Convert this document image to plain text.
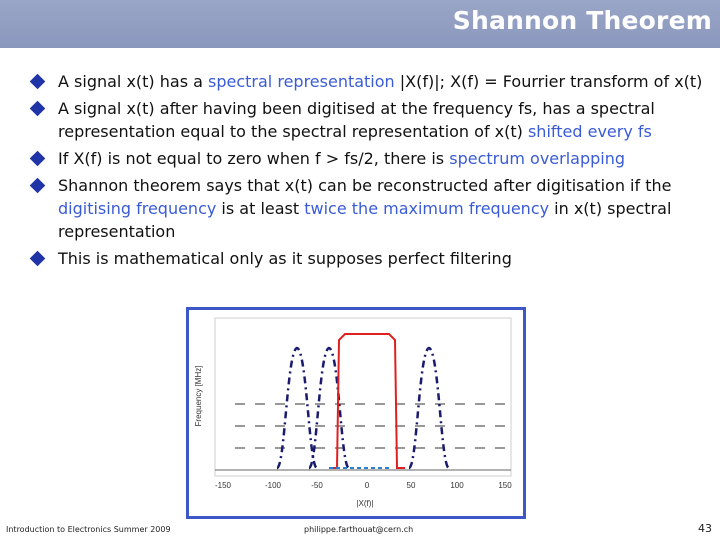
Shannon Theorem
A signal x(t) has a spectral representation |X(f)|; X(f) = Fourrier transform of x(t)
A signal x(t) after having been digitised at the frequency fs, has a spectral representation equal to the spectral representation of x(t) shifted every fs
If X(f) is not equal to zero when f > fs/2, there is spectrum overlapping
Shannon theorem says that x(t) can be reconstructed after digitisation if the digitising frequency is at least twice the maximum frequency in x(t) spectral representation
This is mathematical only as it supposes perfect filtering
Frequency [MHz]
-150	-100	-50	0	50	100	150
|X(f)|
Introduction to Electronics Summer 2009	philippe.farthouat@cern.ch	43
